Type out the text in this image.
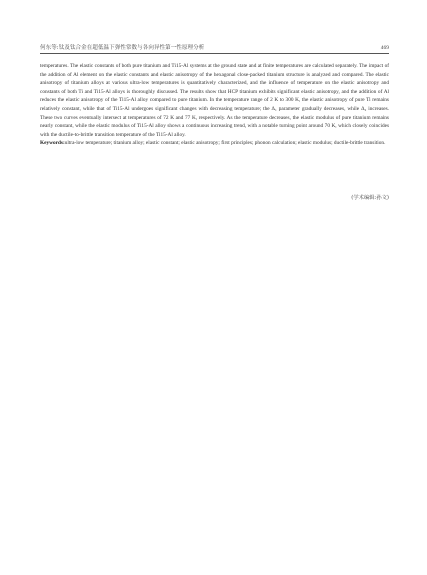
何东等:钛及钛合金在超低温下弹性常数与各向异性第一性原理分析	469

temperatures. The elastic constants of both pure titanium and Ti15-Al systems at the ground state and at finite temperatures are calculated separately. The impact of the addition of Al element on the elastic constants and elastic anisotropy of the hexagonal close-packed titanium structure is analyzed and compared. The elastic anisotropy of titanium alloys at various ultra-low temperatures is quantitatively characterized, and the influence of temperature on the elastic anisotropy and constants of both Ti and Ti15-Al alloys is thoroughly discussed. The results show that HCP titanium exhibits significant elastic anisotropy, and the addition of Al reduces the elastic anisotropy of the Ti15-Al alloy compared to pure titanium. In the temperature range of 2 K to 300 K, the elastic anisotropy of pure Ti remains relatively constant, while that of Ti15-Al undergoes significant changes with decreasing temperature; the Δ₁ parameter gradually decreases, while Δ₂ increases. These two curves eventually intersect at temperatures of 72 K and 77 K, respectively. As the temperature decreases, the elastic modulus of pure titanium remains nearly constant, while the elastic modulus of Ti15-Al alloy shows a continuous increasing trend, with a notable turning point around 70 K, which closely coincides with the ductile-to-brittle transition temperature of the Ti15-Al alloy.

Keywords:ultra-low temperature; titanium alloy; elastic constant; elastic anisotropy; first principles; phonon calculation; elastic modulus; ductile-brittle transition.

(学术编辑:孙文)
